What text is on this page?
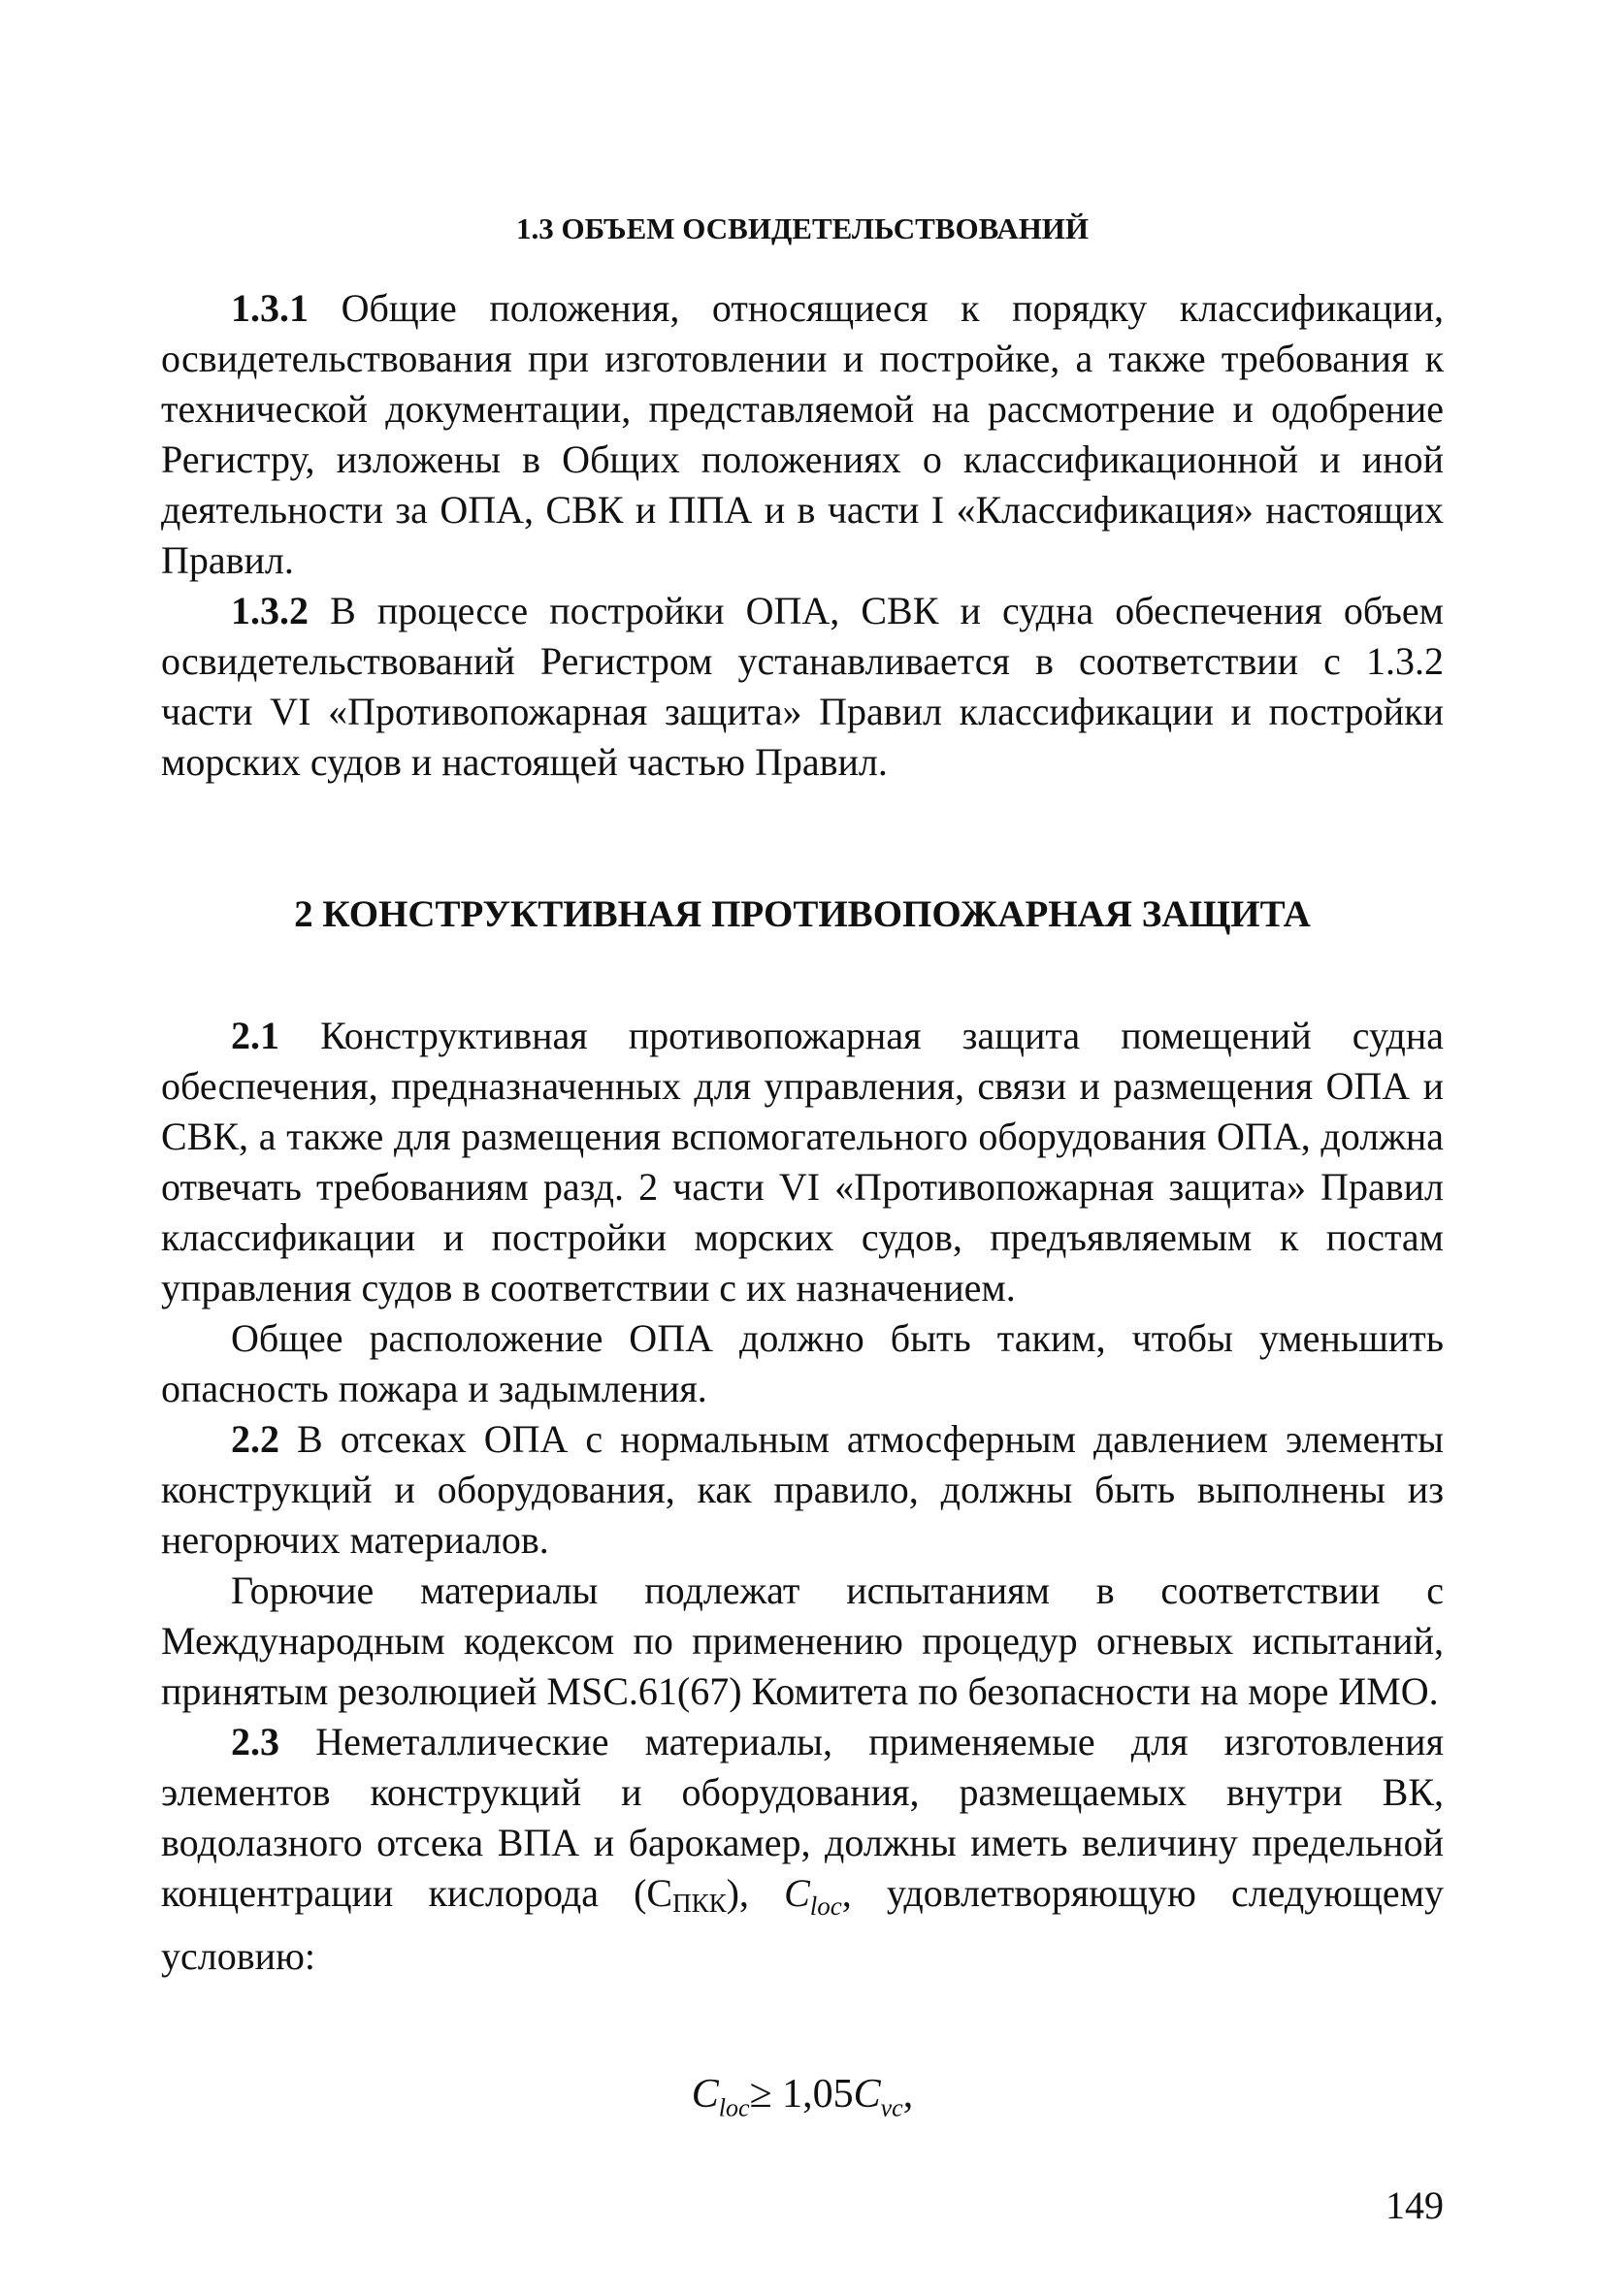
1.3 ОБЪЕМ ОСВИДЕТЕЛЬСТВОВАНИЙ

1.3.1 Общие положения, относящиеся к порядку классификации, освидетельствования при изготовлении и постройке, а также требования к технической документации, представляемой на рассмотрение и одобрение Регистру, изложены в Общих положениях о классификационной и иной деятельности за ОПА, СВК и ППА и в части I «Классификация» настоящих Правил.

1.3.2 В процессе постройки ОПА, СВК и судна обеспечения объем освидетельствований Регистром устанавливается в соответствии с 1.3.2 части VI «Противопожарная защита» Правил классификации и постройки морских судов и настоящей частью Правил.

2 КОНСТРУКТИВНАЯ ПРОТИВОПОЖАРНАЯ ЗАЩИТА

2.1 Конструктивная противопожарная защита помещений судна обеспечения, предназначенных для управления, связи и размещения ОПА и СВК, а также для размещения вспомогательного оборудования ОПА, должна отвечать требованиям разд. 2 части VI «Противопожарная защита» Правил классификации и постройки морских судов, предъявляемым к постам управления судов в соответствии с их назначением.

Общее расположение ОПА должно быть таким, чтобы уменьшить опасность пожара и задымления.

2.2 В отсеках ОПА с нормальным атмосферным давлением элементы конструкций и оборудования, как правило, должны быть выполнены из негорючих материалов.

Горючие материалы подлежат испытаниям в соответствии с Международным кодексом по применению процедур огневых испытаний, принятым резолюцией MSC.61(67) Комитета по безопасности на море ИМО.

2.3 Неметаллические материалы, применяемые для изготовления элементов конструкций и оборудования, размещаемых внутри ВК, водолазного отсека ВПА и барокамер, должны иметь величину предельной концентрации кислорода $(С_{ПКК})$, $C_{loc}$, удовлетворяющую следующему условию:

$C_{loc}\ge 1,05C_{vc}$,
149
